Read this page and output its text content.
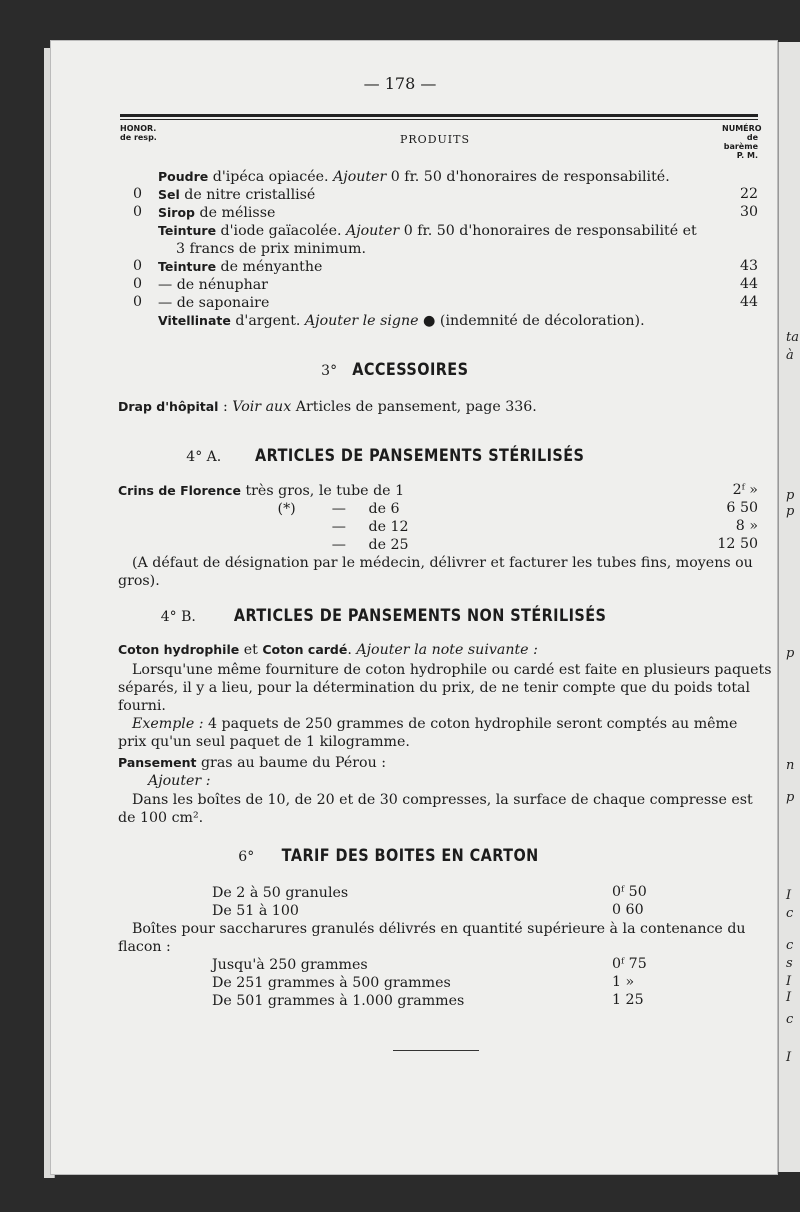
ta
à
p
p
p
n
p
I
c
c
s
I
I
c
I
— 178 —
HONOR.
de resp.	PRODUITS
NUMÉRO
de barème
P. M.
Poudre d'ipéca opiacée. Ajouter 0 fr. 50 d'honoraires de responsabilité.
0 Sel de nitre cristallisé	22
0 Sirop de mélisse	30
Teinture d'iode gaïacolée. Ajouter 0 fr. 50 d'honoraires de responsabilité et
3 francs de prix minimum.
0 Teinture de ményanthe	43
0 — de nénuphar	44
0 — de saponaire	44
Vitellinate d'argent. Ajouter le signe ● (indemnité de décoloration).
3° ACCESSOIRES
Drap d'hôpital : Voir aux Articles de pansement, page 336.
4° A. ARTICLES DE PANSEMENTS STÉRILISÉS
Crins de Florence très gros, le tube de 1	2ᶠ »
(*)        —     de 6	6 50
—     de 12	8 »
—     de 25	12 50
(A défaut de désignation par le médecin, délivrer et facturer les tubes fins, moyens ou
gros).
4° B. ARTICLES DE PANSEMENTS NON STÉRILISÉS
Coton hydrophile et Coton cardé. Ajouter la note suivante :
Lorsqu'une même fourniture de coton hydrophile ou cardé est faite en plusieurs paquets
séparés, il y a lieu, pour la détermination du prix, de ne tenir compte que du poids total
fourni.
Exemple : 4 paquets de 250 grammes de coton hydrophile seront comptés au même
prix qu'un seul paquet de 1 kilogramme.
Pansement gras au baume du Pérou :
Ajouter :
Dans les boîtes de 10, de 20 et de 30 compresses, la surface de chaque compresse est
de 100 cm².
6° TARIF DES BOITES EN CARTON
De 2 à 50 granules	0ᶠ 50
De 51 à 100	0 60
Boîtes pour saccharures granulés délivrés en quantité supérieure à la contenance du
flacon :
Jusqu'à 250 grammes	0ᶠ 75
De 251 grammes à 500 grammes	1 »
De 501 grammes à 1.000 grammes	1 25
